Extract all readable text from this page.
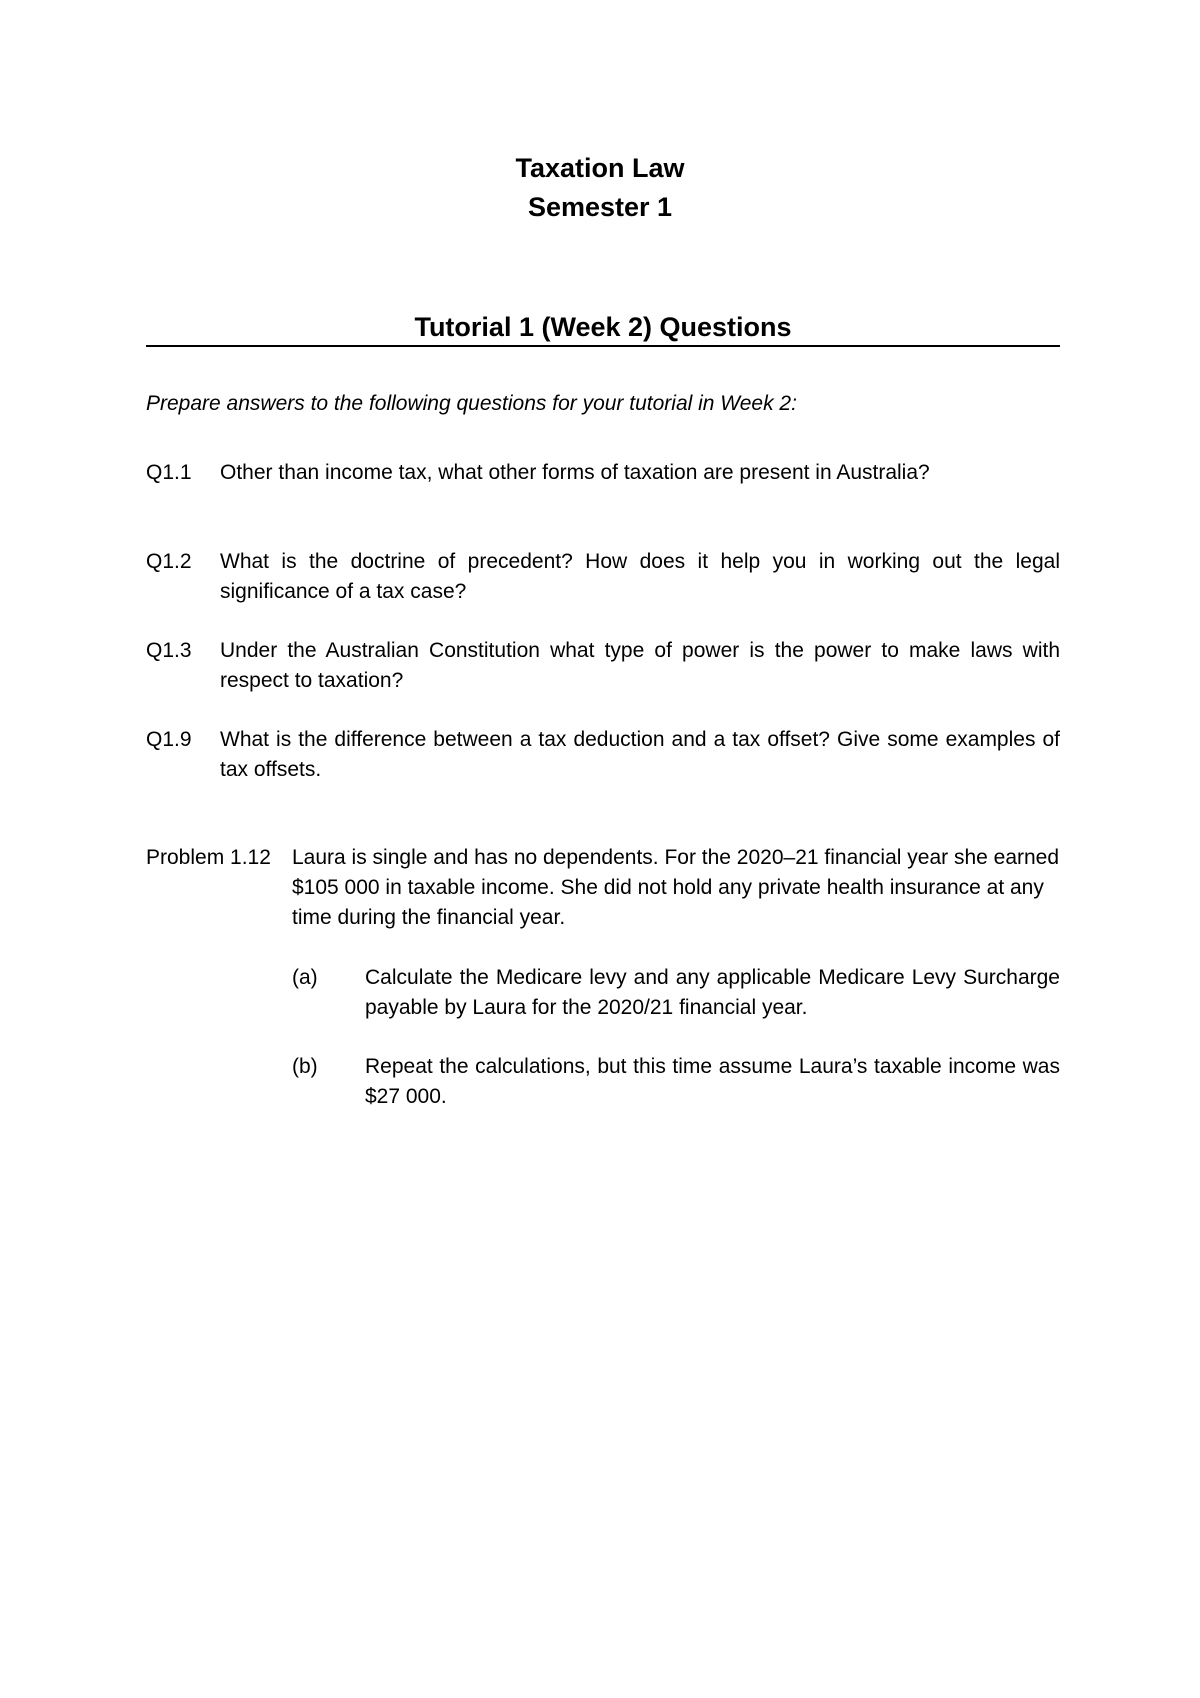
Taxation Law
Semester 1
Tutorial 1 (Week 2) Questions
Prepare answers to the following questions for your tutorial in Week 2:
Q1.1 Other than income tax, what other forms of taxation are present in Australia?
Q1.2 What is the doctrine of precedent? How does it help you in working out the legal significance of a tax case?
Q1.3 Under the Australian Constitution what type of power is the power to make laws with respect to taxation?
Q1.9 What is the difference between a tax deduction and a tax offset? Give some examples of tax offsets.
Problem 1.12 Laura is single and has no dependents. For the 2020–21 financial year she earned $105 000 in taxable income. She did not hold any private health insurance at any time during the financial year.
(a) Calculate the Medicare levy and any applicable Medicare Levy Surcharge payable by Laura for the 2020/21 financial year.
(b) Repeat the calculations, but this time assume Laura’s taxable income was $27 000.
